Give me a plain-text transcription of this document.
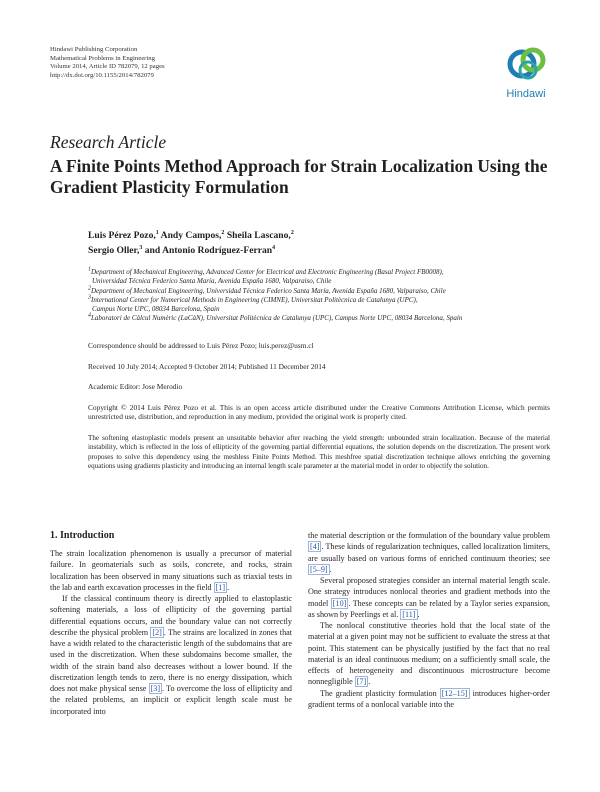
Hindawi Publishing Corporation
Mathematical Problems in Engineering
Volume 2014, Article ID 782079, 12 pages
http://dx.doi.org/10.1155/2014/782079
Hindawi
Research Article
A Finite Points Method Approach for Strain Localization Using the Gradient Plasticity Formulation
Luis Pérez Pozo,$^1$ Andy Campos,$^2$ Sheila Lascano,$^2$
Sergio Oller,$^3$ and Antonio Rodríguez-Ferran$^4$
$^1$Department of Mechanical Engineering, Advanced Center for Electrical and Electronic Engineering (Basal Project FB0008),
Universidad Técnica Federico Santa María, Avenida España 1680, Valparaiso, Chile
$^2$Department of Mechanical Engineering, Universidad Técnica Federico Santa María, Avenida España 1680, Valparaiso, Chile
$^3$International Center for Numerical Methods in Engineering (CIMNE), Universitat Politècnica de Catalunya (UPC),
Campus Norte UPC, 08034 Barcelona, Spain
$^4$Laboratori de Càlcul Numèric (LaCàN), Universitat Politècnica de Catalunya (UPC), Campus Norte UPC, 08034 Barcelona, Spain
Correspondence should be addressed to Luis Pérez Pozo; luis.perez@usm.cl
Received 10 July 2014; Accepted 9 October 2014; Published 11 December 2014
Academic Editor: Jose Merodio
Copyright © 2014 Luis Pérez Pozo et al. This is an open access article distributed under the Creative Commons Attribution License, which permits unrestricted use, distribution, and reproduction in any medium, provided the original work is properly cited.
The softening elastoplastic models present an unsuitable behavior after reaching the yield strength: unbounded strain localization. Because of the material instability, which is reflected in the loss of ellipticity of the governing partial differential equations, the solution depends on the discretization. The present work proposes to solve this dependency using the meshless Finite Points Method. This meshfree spatial discretization technique allows enriching the governing equations using gradients plasticity and introducing an internal length scale parameter at the material model in order to objectify the solution.
1. Introduction

The strain localization phenomenon is usually a precursor of material failure. In geomaterials such as soils, concrete, and rocks, strain localization has been observed in many situations such as triaxial tests in the lab and earth excavation processes in the field [1] .

If the classical continuum theory is directly applied to elastoplastic softening materials, a loss of ellipticity of the governing partial differential equations occurs, and the boundary value can not correctly describe the physical problem [2] . The strains are localized in zones that have a width related to the characteristic length of the subdomains that are used in the discretization. When these subdomains become smaller, the width of the strain band also decreases without a lower bound. If the discretization length tends to zero, there is no energy dissipation, which does not make physical sense [3] . To overcome the loss of ellipticity and the related problems, an implicit or explicit length scale must be incorporated into

the material description or the formulation of the boundary value problem [4] . These kinds of regularization techniques, called localization limiters, are usually based on various forms of enriched continuum theories; see [5–9] .

Several proposed strategies consider an internal material length scale. One strategy introduces nonlocal theories and gradient methods into the model [10] . These concepts can be related by a Taylor series expansion, as shown by Peerlings et al. [11] .

The nonlocal constitutive theories hold that the local state of the material at a given point may not be sufficient to evaluate the stress at that point. This statement can be physically justified by the fact that no real material is an ideal continuous medium; on a sufficiently small scale, the effects of heterogeneity and discontinuous microstructure become nonnegligible [7] .

The gradient plasticity formulation [12–15] introduces higher-order gradient terms of a nonlocal variable into the
